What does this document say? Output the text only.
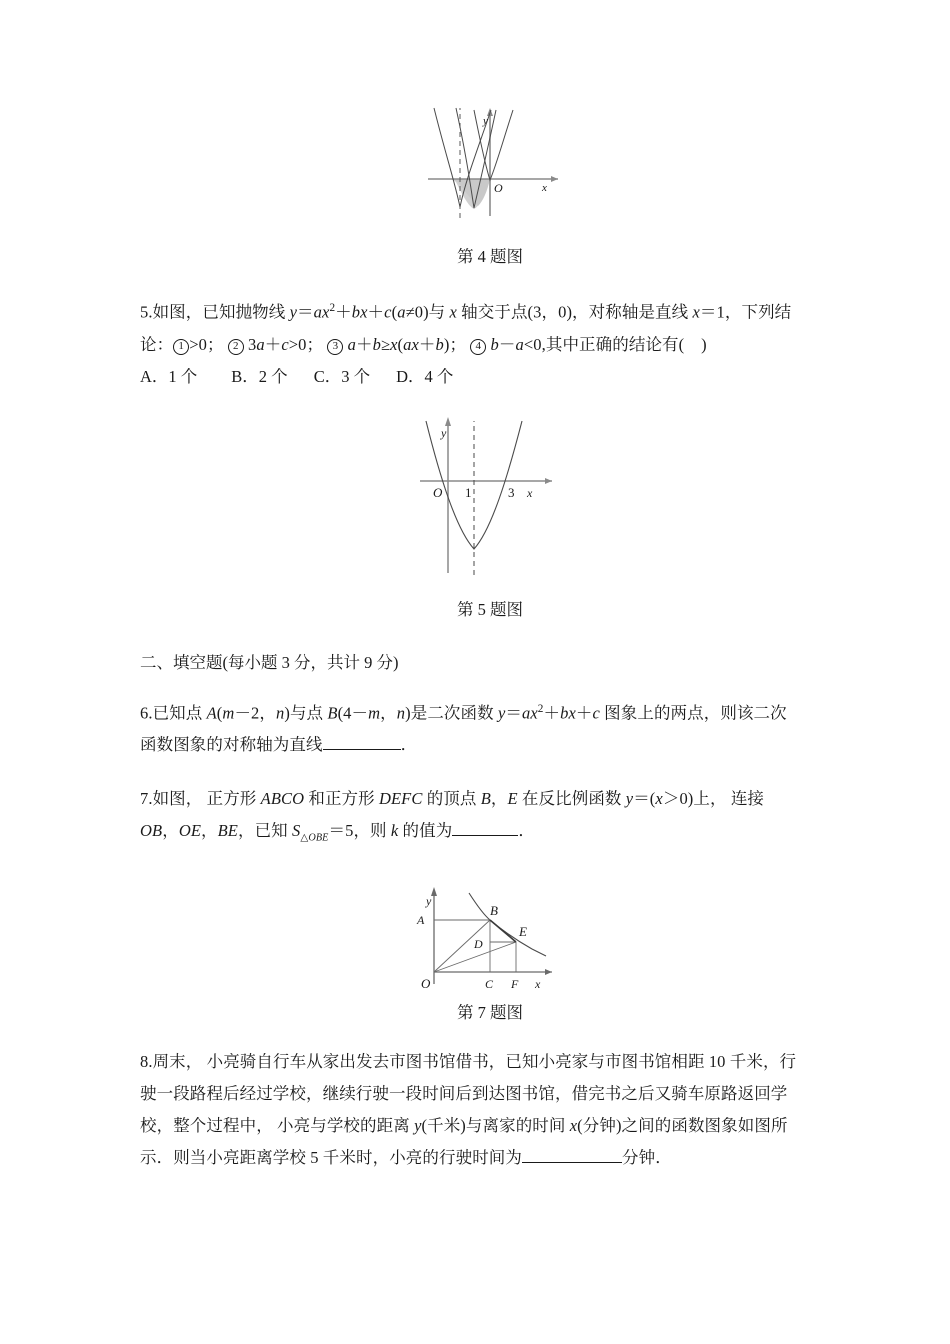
y
O	x
第 4 题图
5.如图，已知抛物线 $y=ax^2+bx+c(a\ne 0)$与 x 轴交于点(3，0)，对称轴是直线 x＝1，下列结
论： 1 >0； 2 3a＋c>0； 3 a＋b≥x(ax＋b)； 4 b－a<0,其中正确的结论有(    )
A．1 个 B．2 个 C．3 个 D．4 个
y
O 1	3 x
第 5 题图
二、填空题(每小题 3 分，共计 9 分)
6.已知点 A(m－2，n)与点 B(4－m，n)是二次函数 $y=ax^2+bx+c$ 图象上的两点，则该二次
函数图象的对称轴为直线	．
7.如图， 正方形 ABCO 和正方形 DEFC 的顶点 B，E 在反比例函数 y＝(x＞0)上， 连接
OB，OE，BE，已知 $S_{\triangle OBE}=5$，则 k 的值为	．
A
B
E
D
C F
O
y
x
第 7 题图
8.周末， 小亮骑自行车从家出发去市图书馆借书，已知小亮家与市图书馆相距 10 千米，行
驶一段路程后经过学校，继续行驶一段时间后到达图书馆，借完书之后又骑车原路返回学
校，整个过程中， 小亮与学校的距离 y(千米)与离家的时间 x(分钟)之间的函数图象如图所
示．则当小亮距离学校 5 千米时，小亮的行驶时间为	分钟．
